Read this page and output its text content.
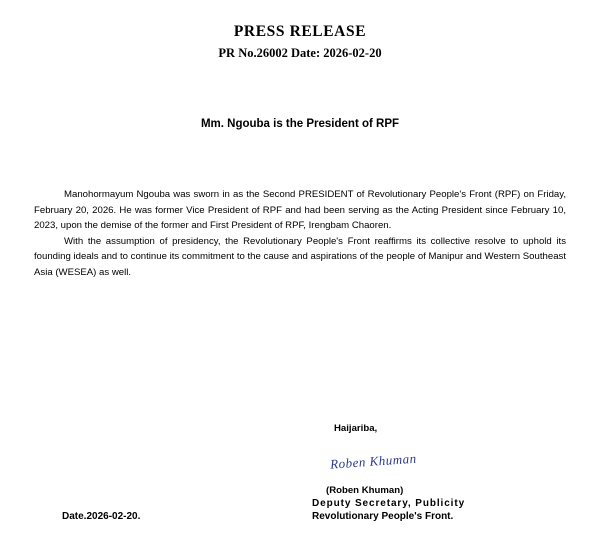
PRESS RELEASE

PR No.26002 Date: 2026-02-20

Mm. Ngouba is the President of RPF

Manohormayum Ngouba was sworn in as the Second PRESIDENT of Revolutionary People's Front (RPF) on Friday, February 20, 2026. He was former Vice President of RPF and had been serving as the Acting President since February 10, 2023, upon the demise of the former and First President of RPF, Irengbam Chaoren.

With the assumption of presidency, the Revolutionary People's Front reaffirms its collective resolve to uphold its founding ideals and to continue its commitment to the cause and aspirations of the people of Manipur and Western Southeast Asia (WESEA) as well.

Haijariba,

Roben Khuman

(Roben Khuman)

Deputy Secretary, Publicity

Revolutionary People's Front.

Date.2026-02-20.
